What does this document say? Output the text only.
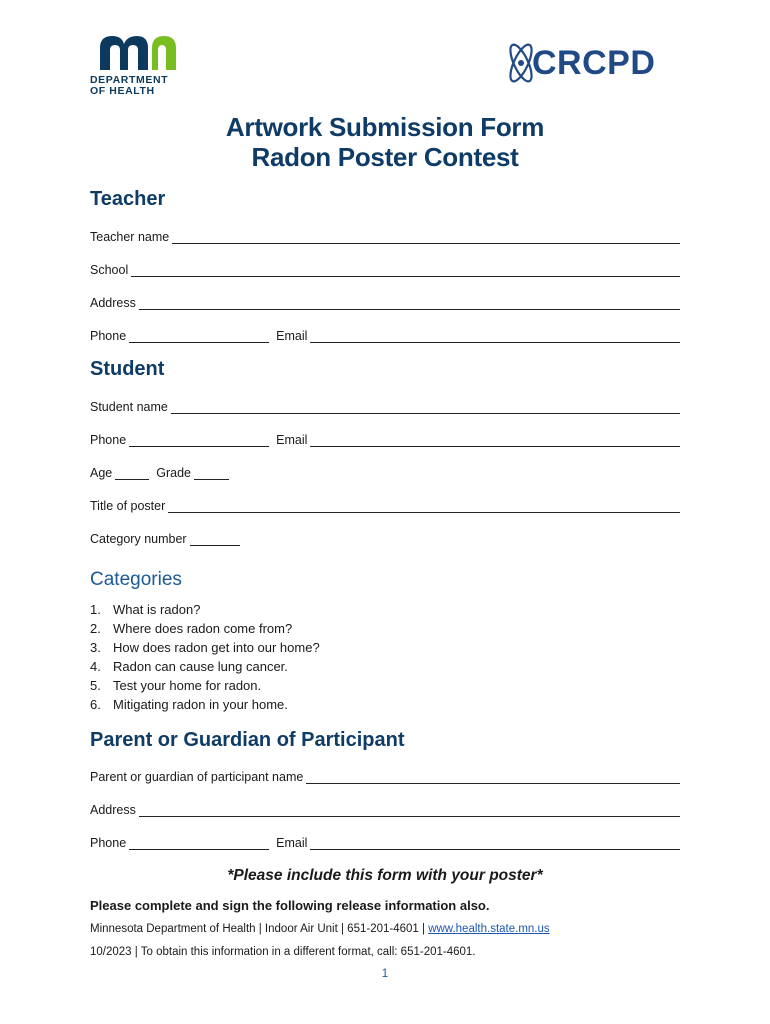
DEPARTMENT
OF HEALTH
CRCPD
Artwork Submission Form
Radon Poster Contest
Teacher
Teacher name
School
Address
Phone	Email
Student
Student name
Phone	Email
Age	Grade
Title of poster
Category number
Categories
1. What is radon?
2. Where does radon come from?
3. How does radon get into our home?
4. Radon can cause lung cancer.
5. Test your home for radon.
6. Mitigating radon in your home.
Parent or Guardian of Participant
Parent or guardian of participant name
Address
Phone	Email
*Please include this form with your poster*
Please complete and sign the following release information also.
Minnesota Department of Health | Indoor Air Unit | 651-201-4601 | www.health.state.mn.us
10/2023 | To obtain this information in a different format, call: 651-201-4601.
1
